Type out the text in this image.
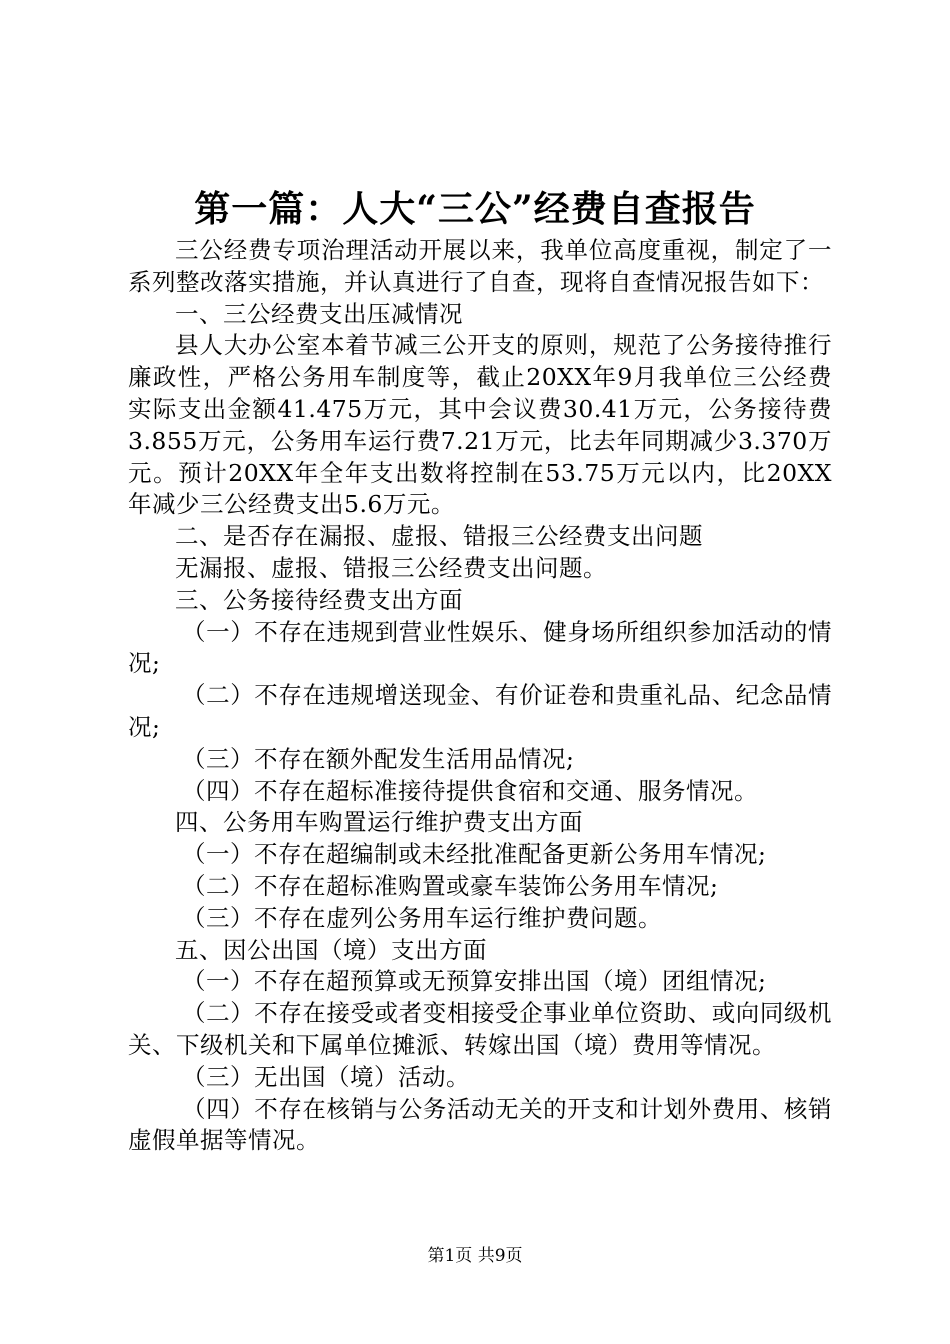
第一篇：人大“三公”经费自查报告

三公经费专项治理活动开展以来，我单位高度重视，制定了一系列整改落实措施，并认真进行了自查，现将自查情况报告如下：

一、三公经费支出压减情况

县人大办公室本着节减三公开支的原则，规范了公务接待推行廉政性，严格公务用车制度等，截止20XX年9月我单位三公经费实际支出金额41.475万元，其中会议费30.41万元，公务接待费3.855万元，公务用车运行费7.21万元，比去年同期减少3.370万元。预计20XX年全年支出数将控制在53.75万元以内，比20XX年减少三公经费支出5.6万元。

二、是否存在漏报、虚报、错报三公经费支出问题

无漏报、虚报、错报三公经费支出问题。

三、公务接待经费支出方面

（一）不存在违规到营业性娱乐、健身场所组织参加活动的情况;

（二）不存在违规增送现金、有价证卷和贵重礼品、纪念品情况;

（三）不存在额外配发生活用品情况;

（四）不存在超标准接待提供食宿和交通、服务情况。

四、公务用车购置运行维护费支出方面

（一）不存在超编制或未经批准配备更新公务用车情况;

（二）不存在超标准购置或豪车装饰公务用车情况;

（三）不存在虚列公务用车运行维护费问题。

五、因公出国（境）支出方面

（一）不存在超预算或无预算安排出国（境）团组情况;

（二）不存在接受或者变相接受企事业单位资助、或向同级机关、下级机关和下属单位摊派、转嫁出国（境）费用等情况。

（三）无出国（境）活动。

（四）不存在核销与公务活动无关的开支和计划外费用、核销虚假单据等情况。

第1页 共9页
